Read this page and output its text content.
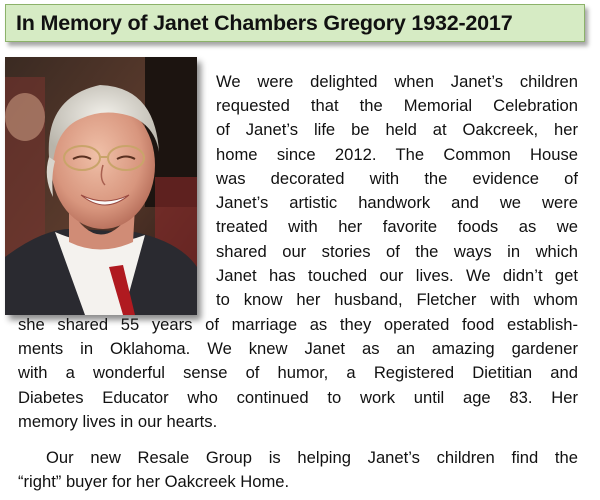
In Memory of Janet Chambers Gregory 1932-2017
We were delighted when Janet’s children
requested that the Memorial Celebration
of Janet’s life be held at Oakcreek, her
home since 2012. The Common House
was decorated with the evidence of
Janet’s artistic handwork and we were
treated with her favorite foods as we
shared our stories of the ways in which
Janet has touched our lives. We didn’t get
to know her husband, Fletcher with whom
she shared 55 years of marriage as they operated food establish-
ments in Oklahoma. We knew Janet as an amazing gardener
with a wonderful sense of humor, a Registered Dietitian and
Diabetes Educator who continued to work until age 83. Her
memory lives in our hearts.
Our new Resale Group is helping Janet’s children find the
“right” buyer for her Oakcreek Home.
